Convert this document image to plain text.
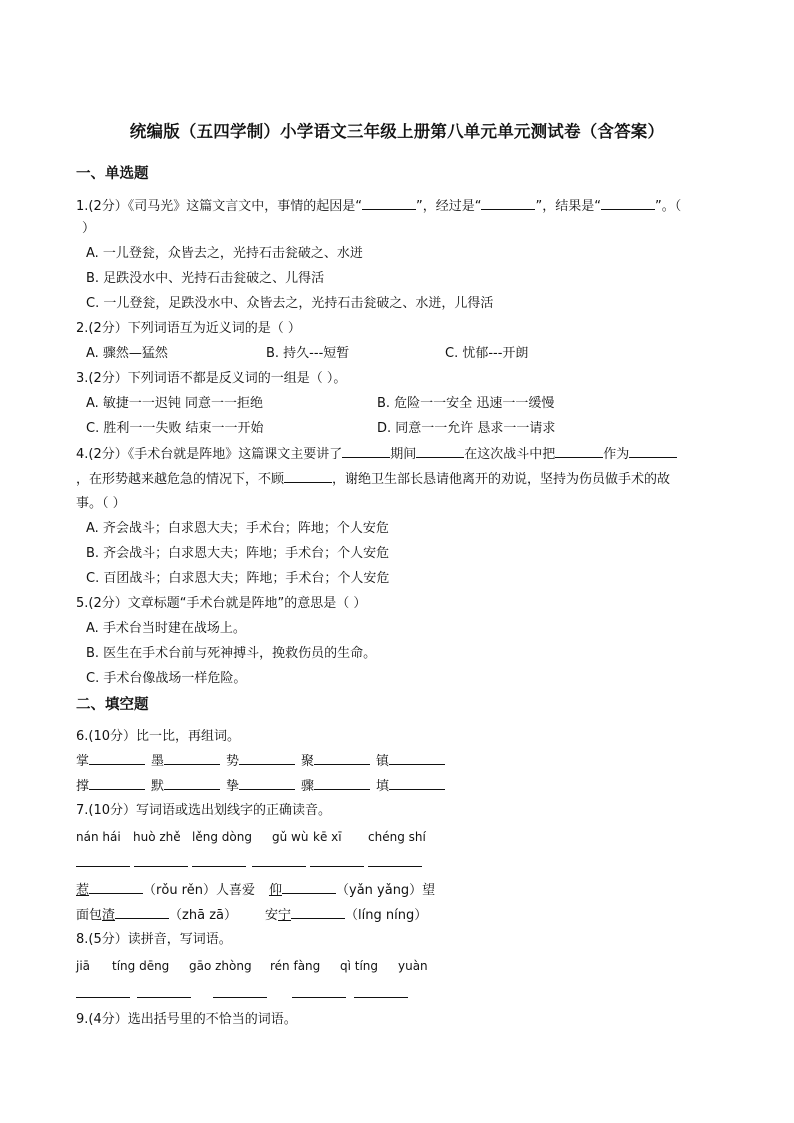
统编版（五四学制）小学语文三年级上册第八单元单元测试卷（含答案）
一、单选题
1.(2分）《司马光》这篇文言文中，事情的起因是“	”，经过是“	”，结果是“	”。（
）
A. 一儿登瓮，众皆去之，光持石击瓮破之、水迸
B. 足跌没水中、光持石击瓮破之、儿得活
C. 一儿登瓮，足跌没水中、众皆去之，光持石击瓮破之、水迸，儿得活
2.(2分）下列词语互为近义词的是（ ）
A. 骤然—猛然	B. 持久---短暂	C. 忧郁---开朗
3.(2分）下列词语不都是反义词的一组是（ ）。
A. 敏捷一一迟钝 同意一一拒绝	B. 危险一一安全 迅速一一缓慢
C. 胜利一一失败 结束一一开始	D. 同意一一允许 恳求一一请求
4.(2分）《手术台就是阵地》这篇课文主要讲了	期间	在这次战斗中把	作为
，在形势越来越危急的情况下，不顾	，谢绝卫生部长恳请他离开的劝说，坚持为伤员做手术的故
事。（ ）
A. 齐会战斗；白求恩大夫；手术台；阵地；个人安危
B. 齐会战斗；白求恩大夫；阵地；手术台；个人安危
C. 百团战斗；白求恩大夫；阵地；手术台；个人安危
5.(2分）文章标题“手术台就是阵地”的意思是（ ）
A. 手术台当时建在战场上。
B. 医生在手术台前与死神搏斗，挽救伤员的生命。
C. 手术台像战场一样危险。
二、填空题
6.(10分）比一比，再组词。
掌	墨	势	聚	镇
撑	默	挚	骤	填
7.(10分）写词语或选出划线字的正确读音。
nán hái huò zhě lěng dòng gǔ wù kē xī chéng shí
惹	（rǒu rěn）人喜爱 仰	（yǎn yǎng）望
面包渣	（zhā zā） 安宁	（líng níng）
8.(5分）读拼音，写词语。
jiā tíng dēng gāo zhòng rén fàng qì tíng yuàn
9.(4分）选出括号里的不恰当的词语。
